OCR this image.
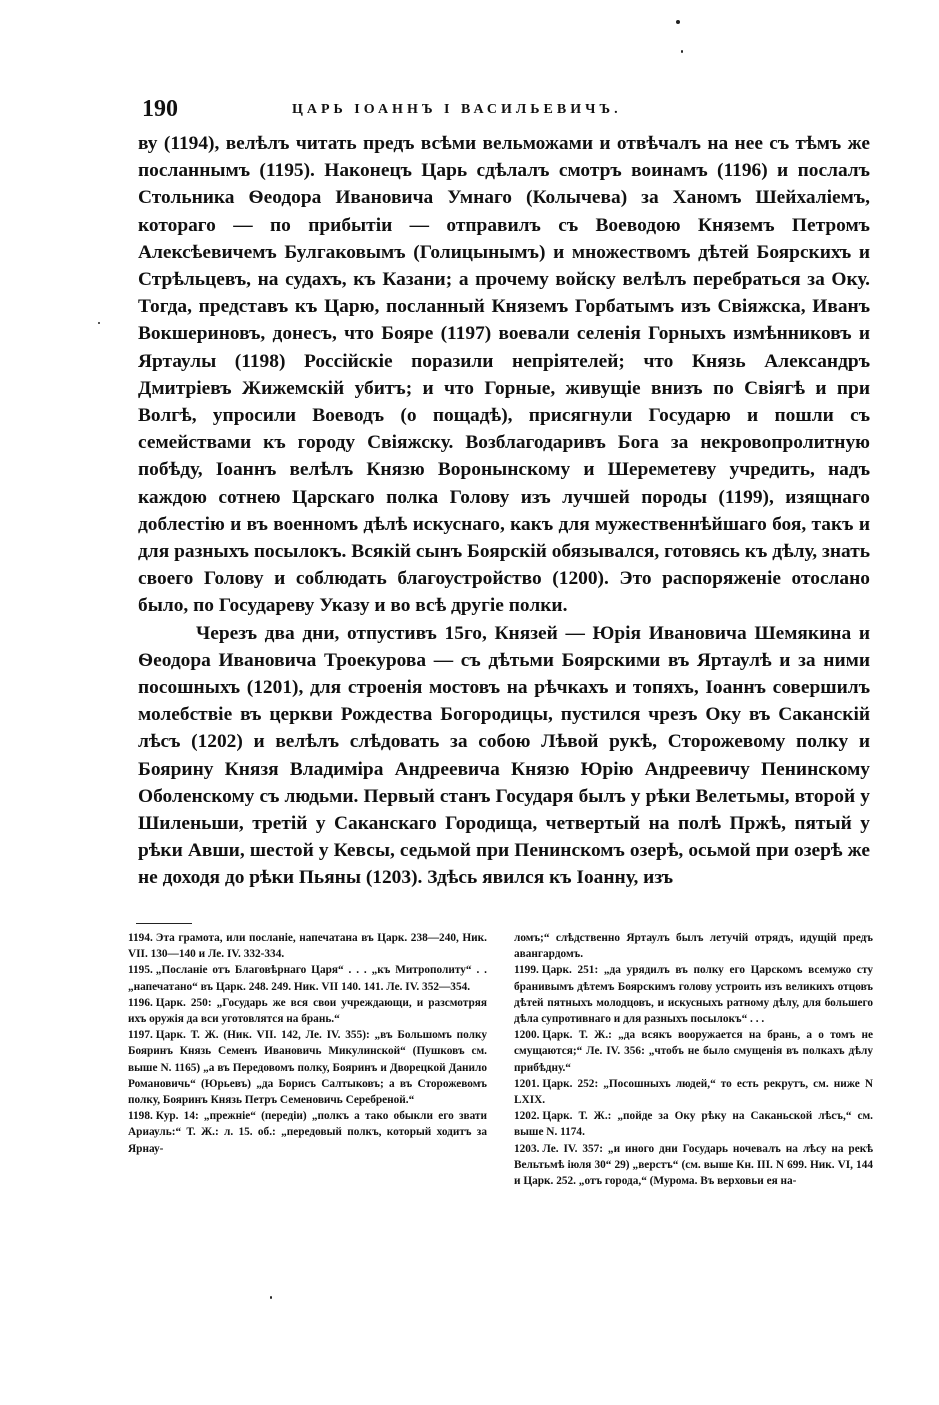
190	ЦАРЬ ІОАННЪ І ВАСИЛЬЕВИЧЪ.

ву (1194), велѣлъ читать предъ всѣми вельможами и отвѣчалъ на нее съ тѣмъ же посланнымъ (1195). Наконецъ Царь сдѣлалъ смотръ воинамъ (1196) и послалъ Стольника Ѳеодора Ивановича Умнаго (Колычева) за Ханомъ Шейхалiемъ, котораго — по прибытiи — отправилъ съ Воеводою Княземъ Петромъ Алексѣевичемъ Булгаковымъ (Голицынымъ) и множествомъ дѣтей Боярскихъ и Стрѣльцевъ, на судахъ, къ Казани; а прочему войску велѣлъ перебраться за Оку. Тогда, представъ къ Царю, посланный Княземъ Горбатымъ изъ Свiяжска, Иванъ Вокшериновъ, донесъ, что Бояре (1197) воевали селенiя Горныхъ измѣнниковъ и Яртаулы (1198) Россiйскiе поразили непрiятелей; что Князь Александръ Дмитрiевъ Жижемскiй убитъ; и что Горные, живущiе внизъ по Свiягѣ и при Волгѣ, упросили Воеводъ (о пощадѣ), присягнули Государю и пошли съ семействами къ городу Свiяжску. Возблагодаривъ Бога за некровопролитную побѣду, Iоаннъ велѣлъ Князю Воронынскому и Шереметеву учредить, надъ каждою сотнею Царскаго полка Голову изъ лучшей породы (1199), изящнаго доблестiю и въ военномъ дѣлѣ искуснаго, какъ для мужественнѣйшаго боя, такъ и для разныхъ посылокъ. Всякiй сынъ Боярскiй обязывался, готовясь къ дѣлу, знать своего Голову и соблюдать благоустройство (1200). Это распоряженiе отослано было, по Государеву Указу и во всѣ другiе полки.

Черезъ два дни, отпустивъ 15го, Князей — Юрiя Ивановича Шемякина и Ѳеодора Ивановича Троекурова — съ дѣтьми Боярскими въ Яртаулѣ и за ними посошныхъ (1201), для строенiя мостовъ на рѣчкахъ и топяхъ, Iоаннъ совершилъ молебствiе въ церкви Рождества Богородицы, пустился чрезъ Оку въ Саканскiй лѣсъ (1202) и велѣлъ слѣдовать за собою Лѣвой рукѣ, Сторожевому полку и Боярину Князя Владимiра Андреевича Князю Юрiю Андреевичу Пенинскому Оболенскому съ людьми. Первый станъ Государя былъ у рѣки Велетьмы, второй у Шиленьши, третiй у Саканскаго Городища, четвертый на полѣ Пржѣ, пятый у рѣки Авши, шестой у Кевсы, седьмой при Пенинскомъ озерѣ, осьмой при озерѣ же не доходя до рѣки Пьяны (1203). Здѣсь явился къ Iоанну, изъ

1194. Эта грамота, или посланiе, напечатана въ Царк. 238—240, Ник. VII. 130—140 и Ле. IV. 332-334.

1195. „Посланiе отъ Благовѣрнаго Царя“ . . . „къ Митрополиту“ . . „напечатано“ въ Царк. 248. 249. Ник. VII 140. 141. Ле. IV. 352—354.

1196. Царк. 250: „Государь же вся свои учреждающи, и разсмотряя ихъ оружiя да вси уготовлятся на брань.“

1197. Царк. Т. Ж. (Ник. VII. 142, Ле. IV. 355): „въ Большомъ полку Бояринъ Князь Семенъ Ивановичь Микулинской“ (Пушковъ см. выше N. 1165) „а въ Передовомъ полку, Бояринъ и Дворецкой Данило Романовичь“ (Юрьевъ) „да Борисъ Салтыковъ; а въ Сторожевомъ полку, Бояринъ Князь Петръ Семеновичь Серебреной.“

1198. Кур. 14: „прежнiе“ (передiи) „полкъ а тако обыкли его звати Ариауль:“ Т. Ж.: л. 15. об.: „передовый полкъ, который ходитъ за Ярнау-

ломъ;“ слѣдственно Яртаулъ былъ летучiй отрядъ, идущiй предъ авангардомъ.

1199. Царк. 251: „да урядилъ въ полку его Царскомъ всемужо сту бранивымъ дѣтемъ Боярскимъ голову устроить изъ великихъ отцовъ дѣтей пятныхъ молодцовъ, и искусныхъ ратному дѣлу, для большего дѣла супротивнаго и для разныхъ посылокъ“ . . .

1200. Царк. Т. Ж.: „да всякъ вооружается на брань, а о томъ не смущаются;“ Ле. IV. 356: „чтобъ не было смущенiя въ полкахъ дѣлу прибѣдну.“

1201. Царк. 252: „Посошныхъ людей,“ то есть рекрутъ, см. ниже N LXIX.

1202. Царк. Т. Ж.: „пойде за Оку рѣку на Саканьской лѣсъ,“ см. выше N. 1174.

1203. Ле. IV. 357: „и иного дни Государь ночевалъ на лѣсу на рекѣ Вельтьмѣ іюля 30“ 29) „верстъ“ (см. выше Кн. III. N 699. Ник. VI, 144 и Царк. 252. „отъ города,“ (Мурома. Въ верховьи ея на-
